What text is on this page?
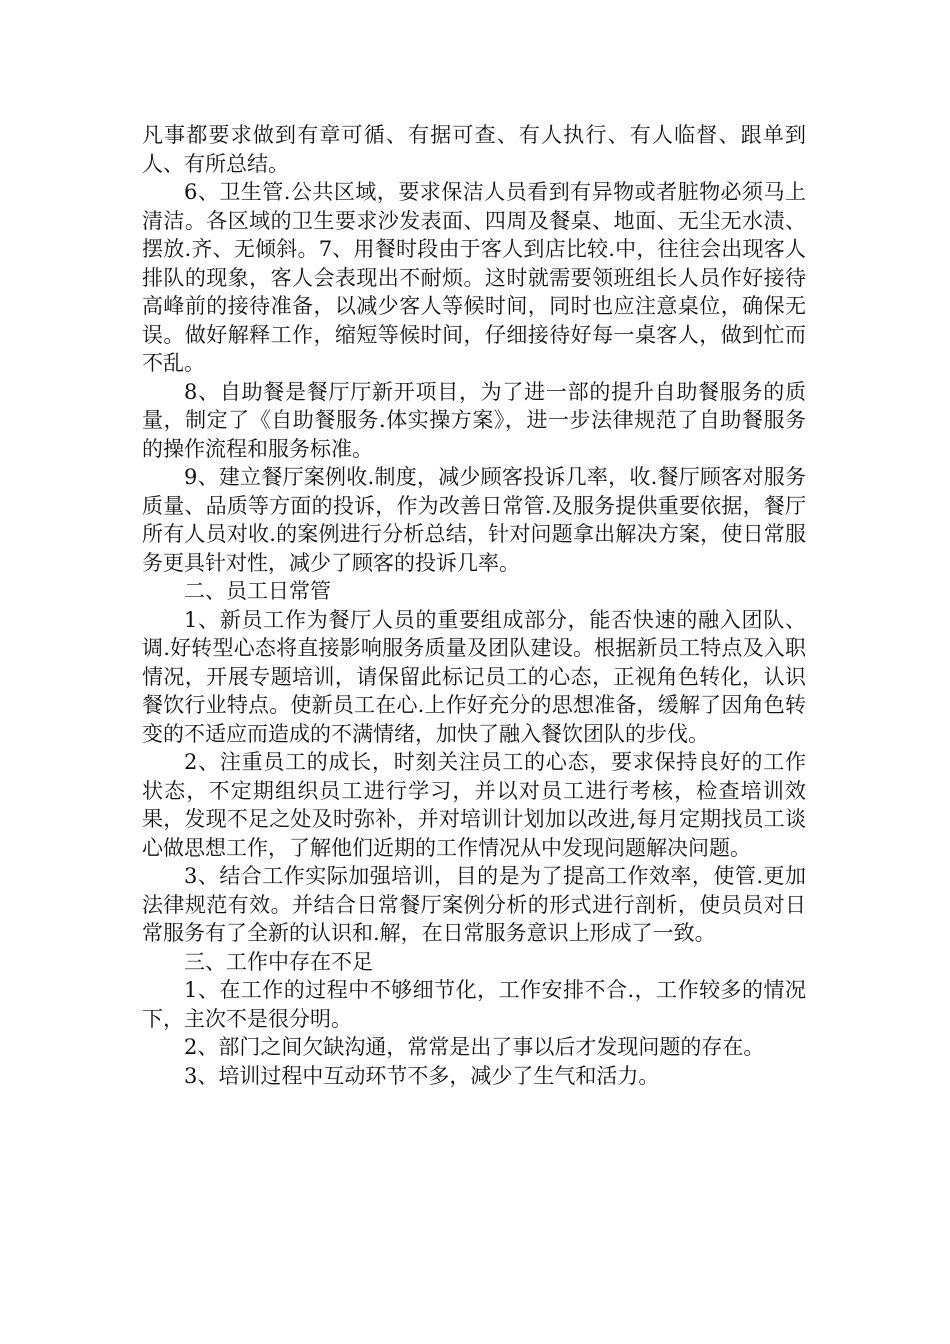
凡事都要求做到有章可循、有据可查、有人执行、有人临督、跟单到人、有所总结。

6、卫生管.公共区域，要求保洁人员看到有异物或者脏物必须马上清洁。各区域的卫生要求沙发表面、四周及餐桌、地面、无尘无水渍、摆放.齐、无倾斜。7、用餐时段由于客人到店比较.中，往往会出现客人排队的现象，客人会表现出不耐烦。这时就需要领班组长人员作好接待高峰前的接待准备，以减少客人等候时间，同时也应注意桌位，确保无误。做好解释工作，缩短等候时间，仔细接待好每一桌客人，做到忙而不乱。

8、自助餐是餐厅厅新开项目，为了进一部的提升自助餐服务的质量，制定了《自助餐服务.体实操方案》，进一步法律规范了自助餐服务的操作流程和服务标准。

9、建立餐厅案例收.制度，减少顾客投诉几率，收.餐厅顾客对服务质量、品质等方面的投诉，作为改善日常管.及服务提供重要依据，餐厅所有人员对收.的案例进行分析总结，针对问题拿出解决方案，使日常服务更具针对性，减少了顾客的投诉几率。

二、员工日常管

1、新员工作为餐厅人员的重要组成部分，能否快速的融入团队、调.好转型心态将直接影响服务质量及团队建设。根据新员工特点及入职情况，开展专题培训，请保留此标记员工的心态，正视角色转化，认识餐饮行业特点。使新员工在心.上作好充分的思想准备，缓解了因角色转变的不适应而造成的不满情绪，加快了融入餐饮团队的步伐。

2、注重员工的成长，时刻关注员工的心态，要求保持良好的工作状态，不定期组织员工进行学习，并以对员工进行考核，检查培训效果，发现不足之处及时弥补，并对培训计划加以改进,每月定期找员工谈心做思想工作，了解他们近期的工作情况从中发现问题解决问题。

3、结合工作实际加强培训，目的是为了提高工作效率，使管.更加法律规范有效。并结合日常餐厅案例分析的形式进行剖析，使员员对日常服务有了全新的认识和.解，在日常服务意识上形成了一致。

三、工作中存在不足

1、在工作的过程中不够细节化，工作安排不合.，工作较多的情况下，主次不是很分明。

2、部门之间欠缺沟通，常常是出了事以后才发现问题的存在。

3、培训过程中互动环节不多，减少了生气和活力。
